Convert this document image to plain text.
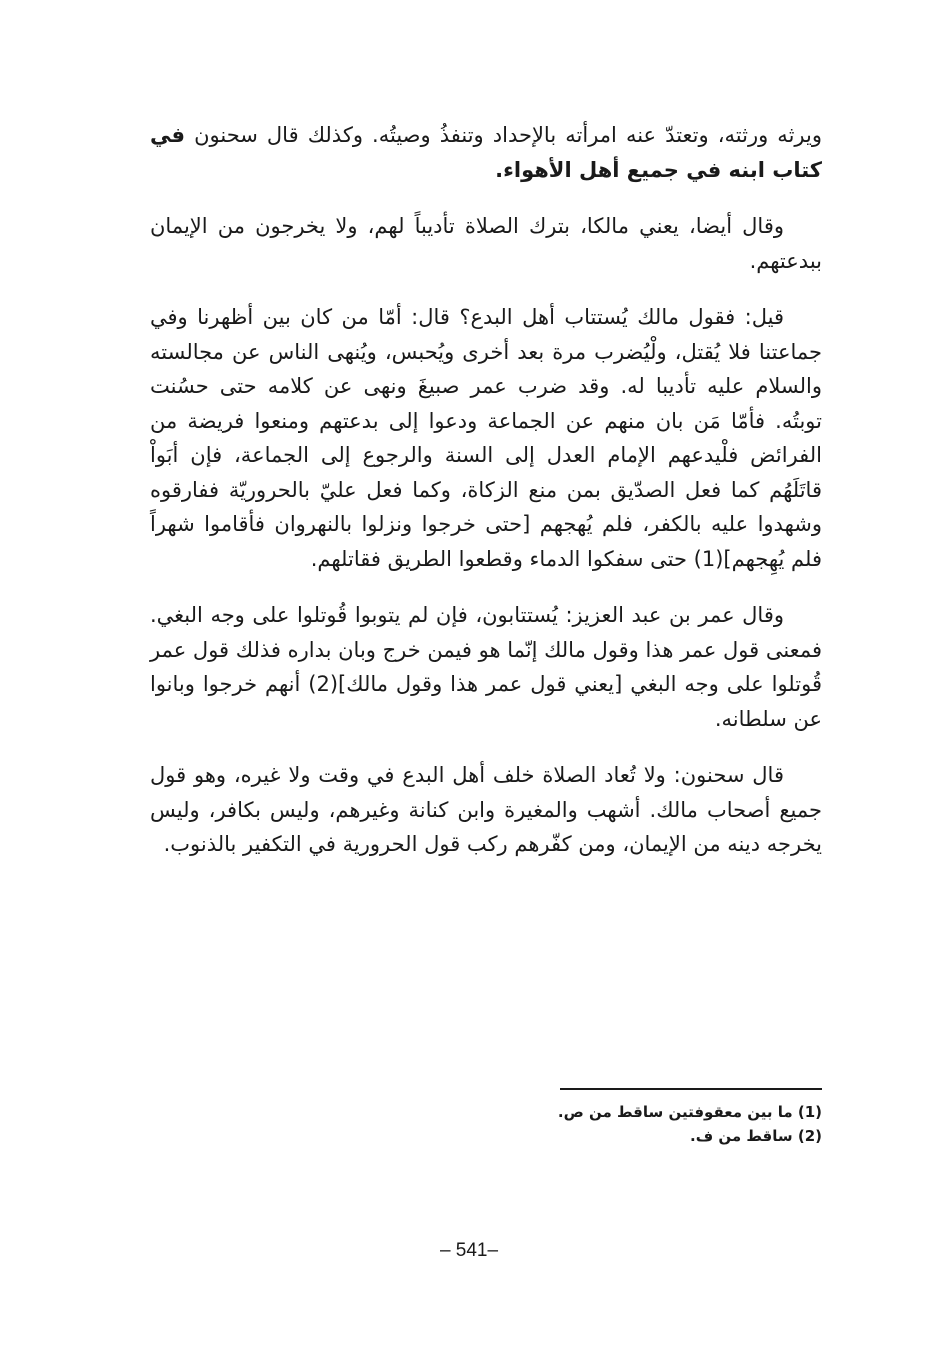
ويرثه ورثته، وتعتدّ عنه امرأته بالإحداد وتنفذُ وصيتُه. وكذلك قال سحنون في كتاب ابنه في جميع أهل الأهواء.

وقال أيضا، يعني مالكا، بترك الصلاة تأديباً لهم، ولا يخرجون من الإيمان ببدعتهم.

قيل: فقول مالك يُستتاب أهل البدع؟ قال: أمّا من كان بين أظهرنا وفي جماعتنا فلا يُقتل، ولْيُضرب مرة بعد أخرى ويُحبس، ويُنهى الناس عن مجالسته والسلام عليه تأديبا له. وقد ضرب عمر صبيغَ ونهى عن كلامه حتى حسُنت توبتُه. فأمّا مَن بان منهم عن الجماعة ودعوا إلى بدعتهم ومنعوا فريضة من الفرائض فلْيدعهم الإمام العدل إلى السنة والرجوع إلى الجماعة، فإن أبَواْ قاتَلَهُم كما فعل الصدّيق بمن منع الزكاة، وكما فعل عليّ بالحروريّة ففارقوه وشهدوا عليه بالكفر، فلم يُهجهم [حتى خرجوا ونزلوا بالنهروان فأقاموا شهراً فلم يُهِجهم](1) حتى سفكوا الدماء وقطعوا الطريق فقاتلهم.

وقال عمر بن عبد العزيز: يُستتابون، فإن لم يتوبوا قُوتلوا على وجه البغي. فمعنى قول عمر هذا وقول مالك إنّما هو فيمن خرج وبان بداره فذلك قول عمر قُوتلوا على وجه البغي [يعني قول عمر هذا وقول مالك](2) أنهم خرجوا وبانوا عن سلطانه.

قال سحنون: ولا تُعاد الصلاة خلف أهل البدع في وقت ولا غيره، وهو قول جميع أصحاب مالك. أشهب والمغيرة وابن كنانة وغيرهم، وليس بكافر، وليس يخرجه دينه من الإيمان، ومن كفّرهم ركب قول الحرورية في التكفير بالذنوب.

(1) ما بين معقوفتين ساقط من ص.

(2) ساقط من ف.

– 541–
